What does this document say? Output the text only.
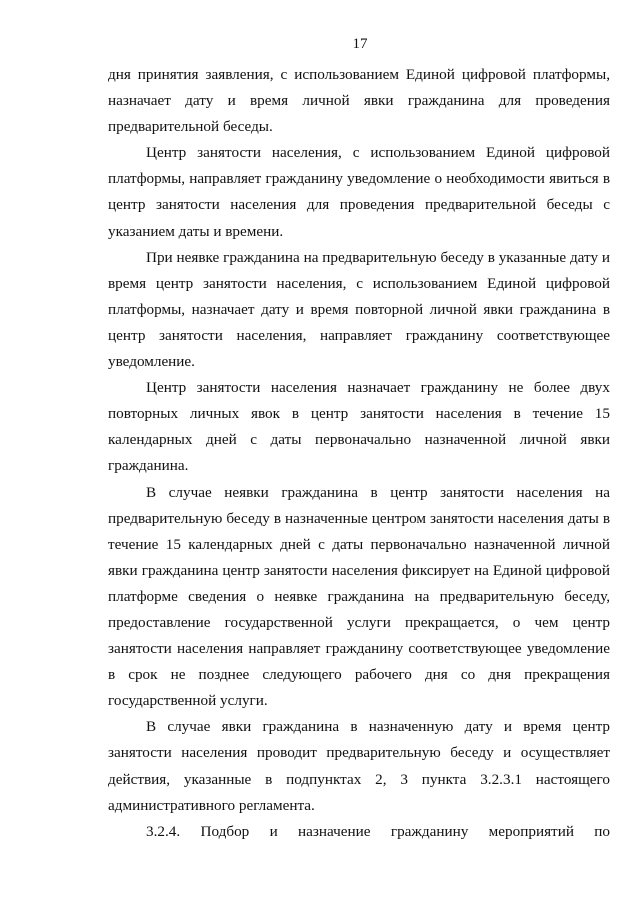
17

дня принятия заявления, с использованием Единой цифровой платформы, назначает дату и время личной явки гражданина для проведения предварительной беседы.

Центр занятости населения, с использованием Единой цифровой платформы, направляет гражданину уведомление о необходимости явиться в центр занятости населения для проведения предварительной беседы с указанием даты и времени.

При неявке гражданина на предварительную беседу в указанные дату и время центр занятости населения, с использованием Единой цифровой платформы, назначает дату и время повторной личной явки гражданина в центр занятости населения, направляет гражданину соответствующее уведомление.

Центр занятости населения назначает гражданину не более двух повторных личных явок в центр занятости населения в течение 15 календарных дней с даты первоначально назначенной личной явки гражданина.

В случае неявки гражданина в центр занятости населения на предварительную беседу в назначенные центром занятости населения даты в течение 15 календарных дней с даты первоначально назначенной личной явки гражданина центр занятости населения фиксирует на Единой цифровой платформе сведения о неявке гражданина на предварительную беседу, предоставление государственной услуги прекращается, о чем центр занятости населения направляет гражданину соответствующее уведомление в срок не позднее следующего рабочего дня со дня прекращения государственной услуги.

В случае явки гражданина в назначенную дату и время центр занятости населения проводит предварительную беседу и осуществляет действия, указанные в подпунктах 2, 3 пункта 3.2.3.1 настоящего административного регламента.

3.2.4. Подбор и назначение гражданину мероприятий по
